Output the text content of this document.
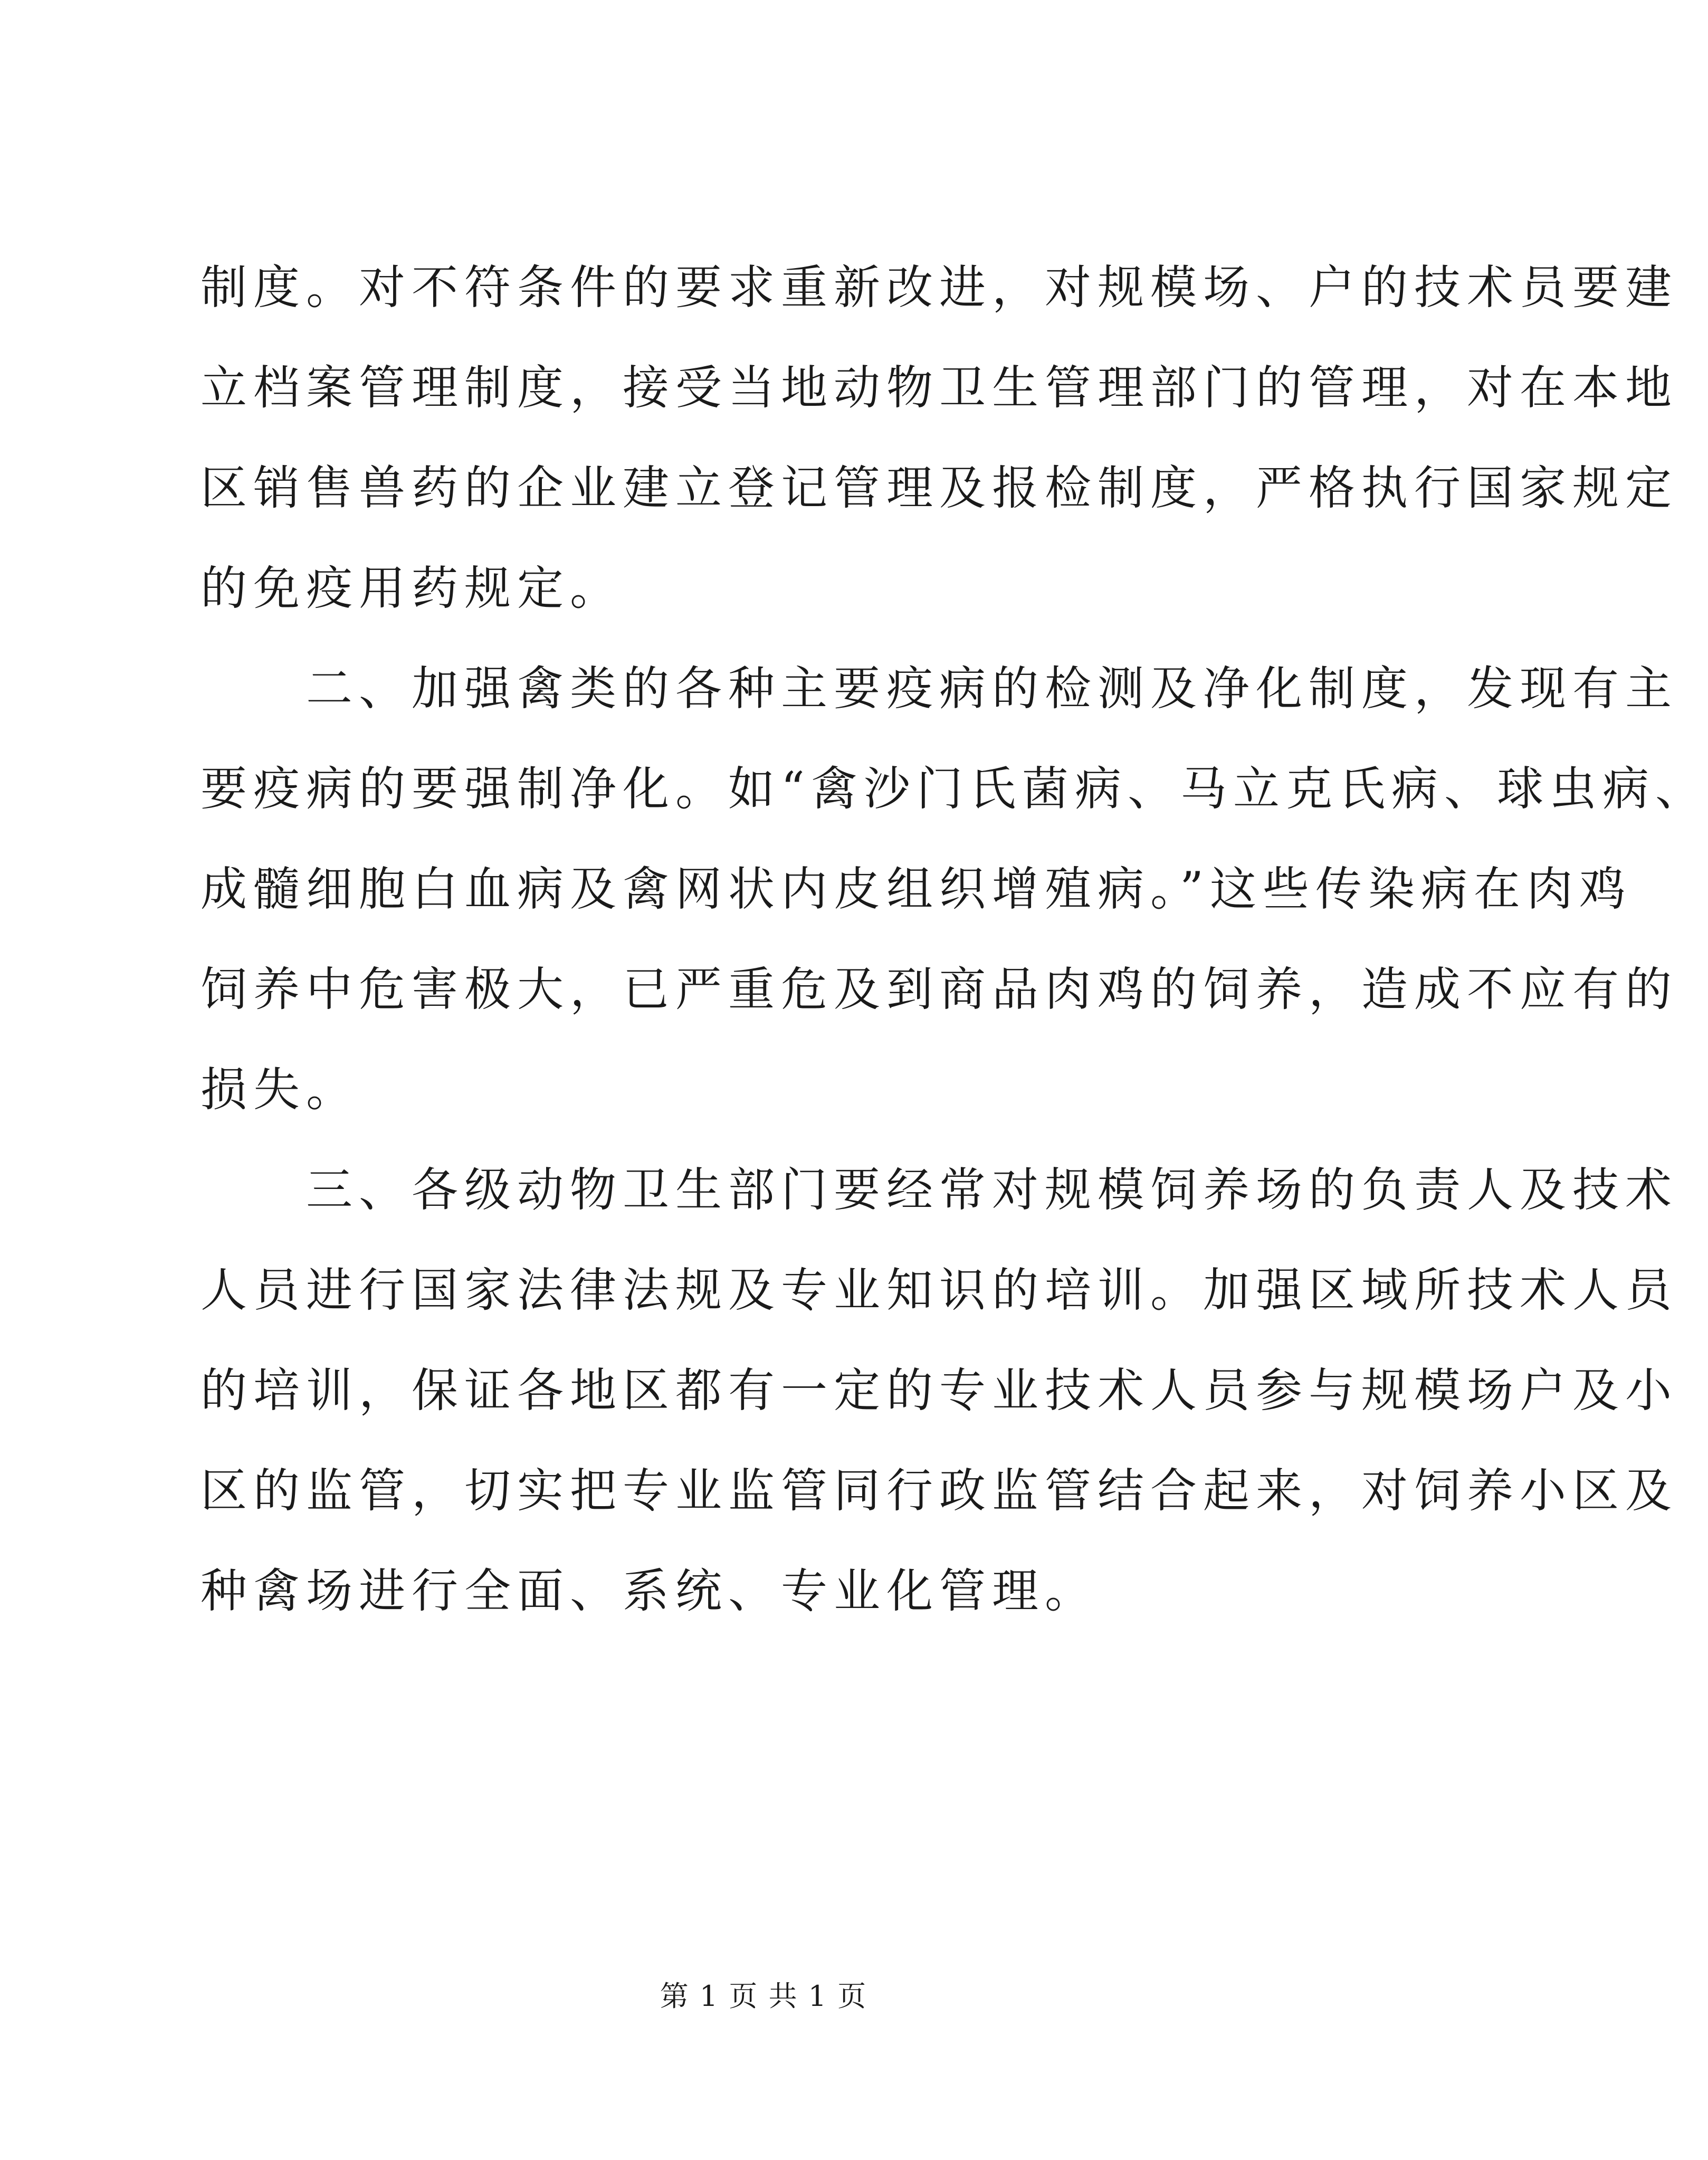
制度。对不符条件的要求重新改进，对规模场、户的技术员要建
立档案管理制度，接受当地动物卫生管理部门的管理，对在本地
区销售兽药的企业建立登记管理及报检制度，严格执行国家规定
的免疫用药规定。

二、加强禽类的各种主要疫病的检测及净化制度，发现有主
要疫病的要强制净化。如“禽沙门氏菌病、马立克氏病、球虫病、
成髓细胞白血病及禽网状内皮组织增殖病。”这些传染病在肉鸡
饲养中危害极大，已严重危及到商品肉鸡的饲养，造成不应有的
损失。

三、各级动物卫生部门要经常对规模饲养场的负责人及技术
人员进行国家法律法规及专业知识的培训。加强区域所技术人员
的培训，保证各地区都有一定的专业技术人员参与规模场户及小
区的监管，切实把专业监管同行政监管结合起来，对饲养小区及
种禽场进行全面、系统、专业化管理。

第 1 页 共 1 页
